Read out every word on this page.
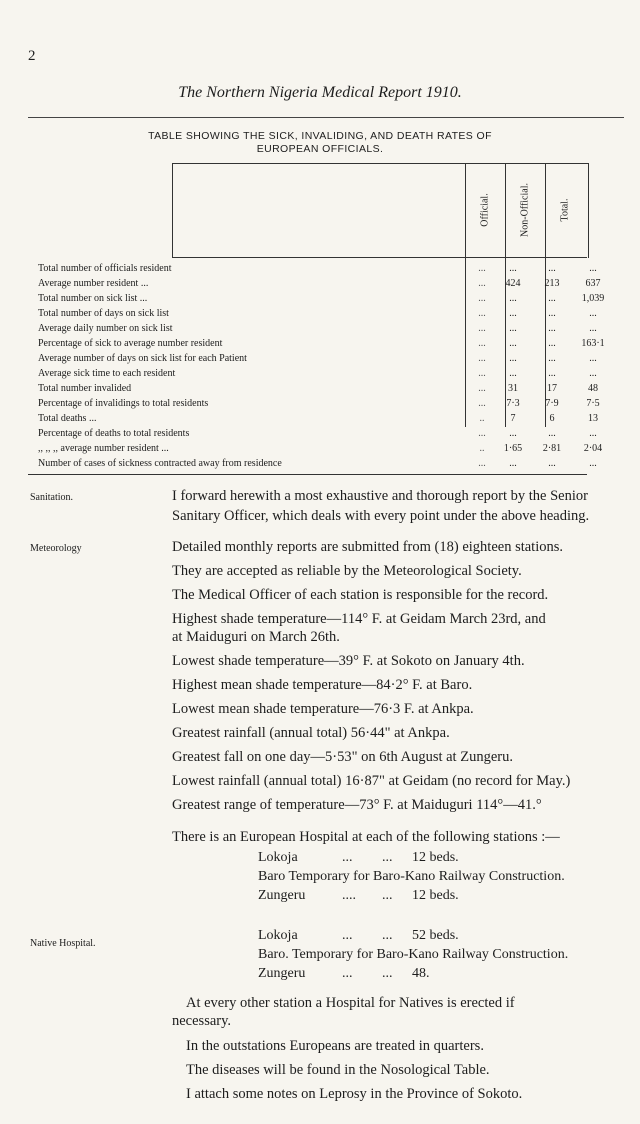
2
The Northern Nigeria Medical Report 1910.
TABLE SHOWING THE SICK, INVALIDING, AND DEATH RATES OF
EUROPEAN OFFICIALS.
Official.	Non-Official.	Total.
Total number of officials resident	...	...	...	...
Average number resident ...	...	424	213	637
Total number on sick list ...	...	...	...	1,039
Total number of days on sick list	...	...	...	...
Average daily number on sick list	...	...	...	...
Percentage of sick to average number resident	...	...	...	163·1
Average number of days on sick list for each Patient	...	...	...	...
Average sick time to each resident	...	...	...	...
Total number invalided	...	31	17	48
Percentage of invalidings to total residents	...	7·3	7·9	7·5
Total deaths ...	..	7	6	13
Percentage of deaths to total residents	...	...	...	...
,, ,, ,, average number resident ...	..	1·65	2·81	2·04
Number of cases of sickness contracted away from residence	...	...	...	...
Sanitation.	I forward herewith a most exhaustive and thorough report by the Senior Sanitary Officer, which deals with every point under the above heading.
Meteorology	Detailed monthly reports are submitted from (18) eighteen stations.
They are accepted as reliable by the Meteorological Society.
The Medical Officer of each station is responsible for the record.
Highest shade temperature—114° F. at Geidam March 23rd, and
at Maiduguri on March 26th.
Lowest shade temperature—39° F. at Sokoto on January 4th.
Highest mean shade temperature—84·2° F. at Baro.
Lowest mean shade temperature—76·3 F. at Ankpa.
Greatest rainfall (annual total) 56·44" at Ankpa.
Greatest fall on one day—5·53" on 6th August at Zungeru.
Lowest rainfall (annual total) 16·87" at Geidam (no record for May.)
Greatest range of temperature—73° F. at Maiduguri 114°—41.°
There is an European Hospital at each of the following stations :—
Lokoja	... ... 12 beds.
Baro Temporary for Baro-Kano Railway Construction.
Zungeru	.... ... 12 beds.
Native Hospital.
Lokoja	... ... 52 beds.
Baro. Temporary for Baro-Kano Railway Construction.
Zungeru	... ... 48.
At every other station a Hospital for Natives is erected if
necessary.
In the outstations Europeans are treated in quarters.
The diseases will be found in the Nosological Table.
I attach some notes on Leprosy in the Province of Sokoto.
